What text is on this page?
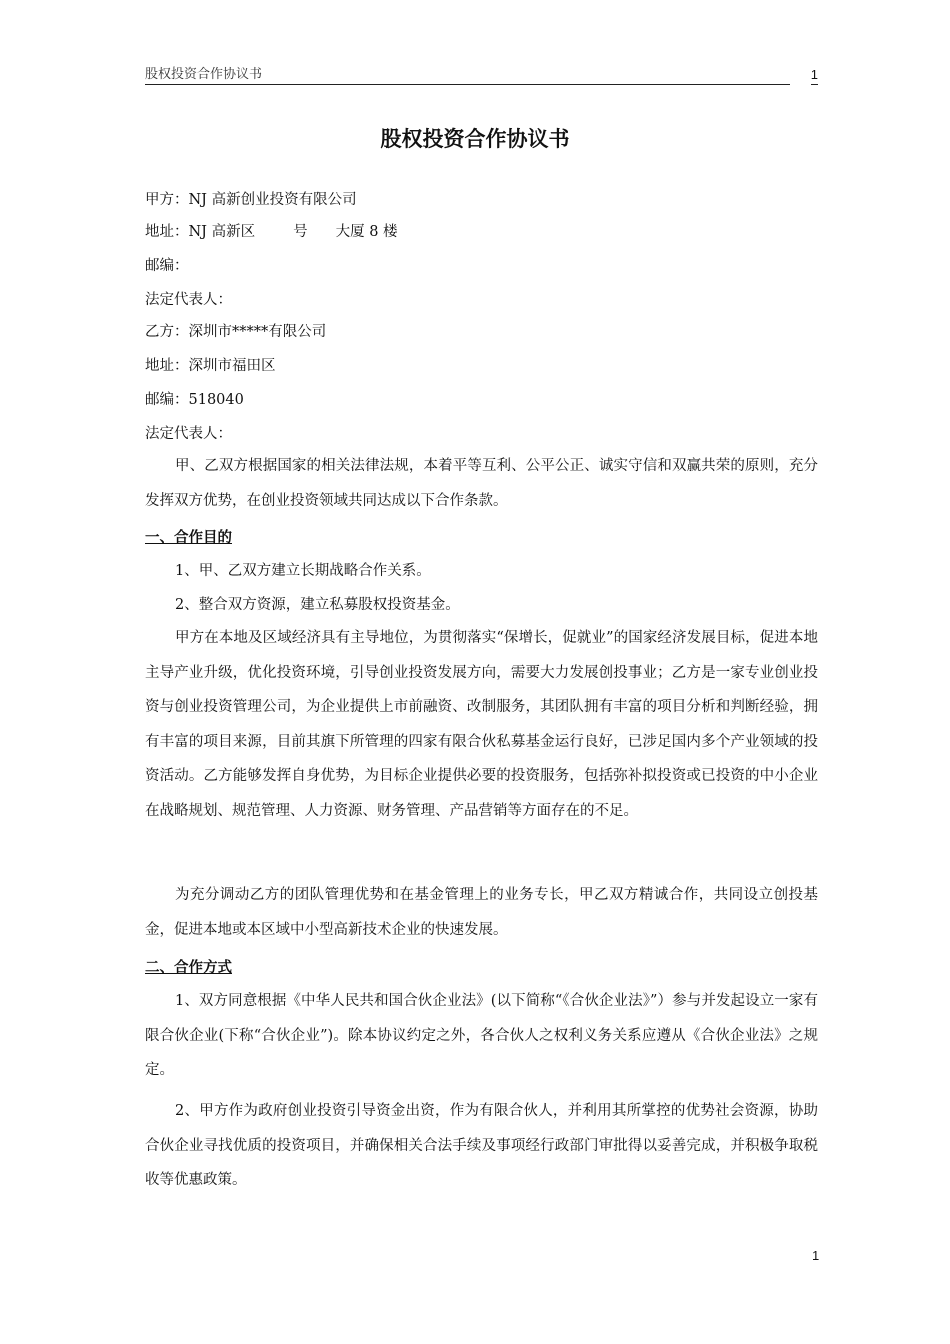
股权投资合作协议书	1
股权投资合作协议书
甲方：NJ 高新创业投资有限公司
地址：NJ 高新区	号 大厦 8 楼
邮编：
法定代表人：
乙方：深圳市*****有限公司
地址：深圳市福田区
邮编：518040
法定代表人：

甲、乙双方根据国家的相关法律法规，本着平等互利、公平公正、诚实守信和双赢共荣的原则，充分发挥双方优势，在创业投资领域共同达成以下合作条款。

一、合作目的
1、甲、乙双方建立长期战略合作关系。
2、整合双方资源，建立私募股权投资基金。

甲方在本地及区域经济具有主导地位，为贯彻落实“保增长，促就业”的国家经济发展目标，促进本地主导产业升级，优化投资环境，引导创业投资发展方向，需要大力发展创投事业；乙方是一家专业创业投资与创业投资管理公司，为企业提供上市前融资、改制服务，其团队拥有丰富的项目分析和判断经验，拥有丰富的项目来源，目前其旗下所管理的四家有限合伙私募基金运行良好，已涉足国内多个产业领域的投资活动。乙方能够发挥自身优势，为目标企业提供必要的投资服务，包括弥补拟投资或已投资的中小企业在战略规划、规范管理、人力资源、财务管理、产品营销等方面存在的不足。

为充分调动乙方的团队管理优势和在基金管理上的业务专长，甲乙双方精诚合作，共同设立创投基金，促进本地或本区域中小型高新技术企业的快速发展。

二、合作方式

1、双方同意根据《中华人民共和国合伙企业法》(以下简称“《合伙企业法》”）参与并发起设立一家有限合伙企业(下称“合伙企业”)。除本协议约定之外，各合伙人之权利义务关系应遵从《合伙企业法》之规定。

2、甲方作为政府创业投资引导资金出资，作为有限合伙人，并利用其所掌控的优势社会资源，协助合伙企业寻找优质的投资项目，并确保相关合法手续及事项经行政部门审批得以妥善完成，并积极争取税收等优惠政策。

1
